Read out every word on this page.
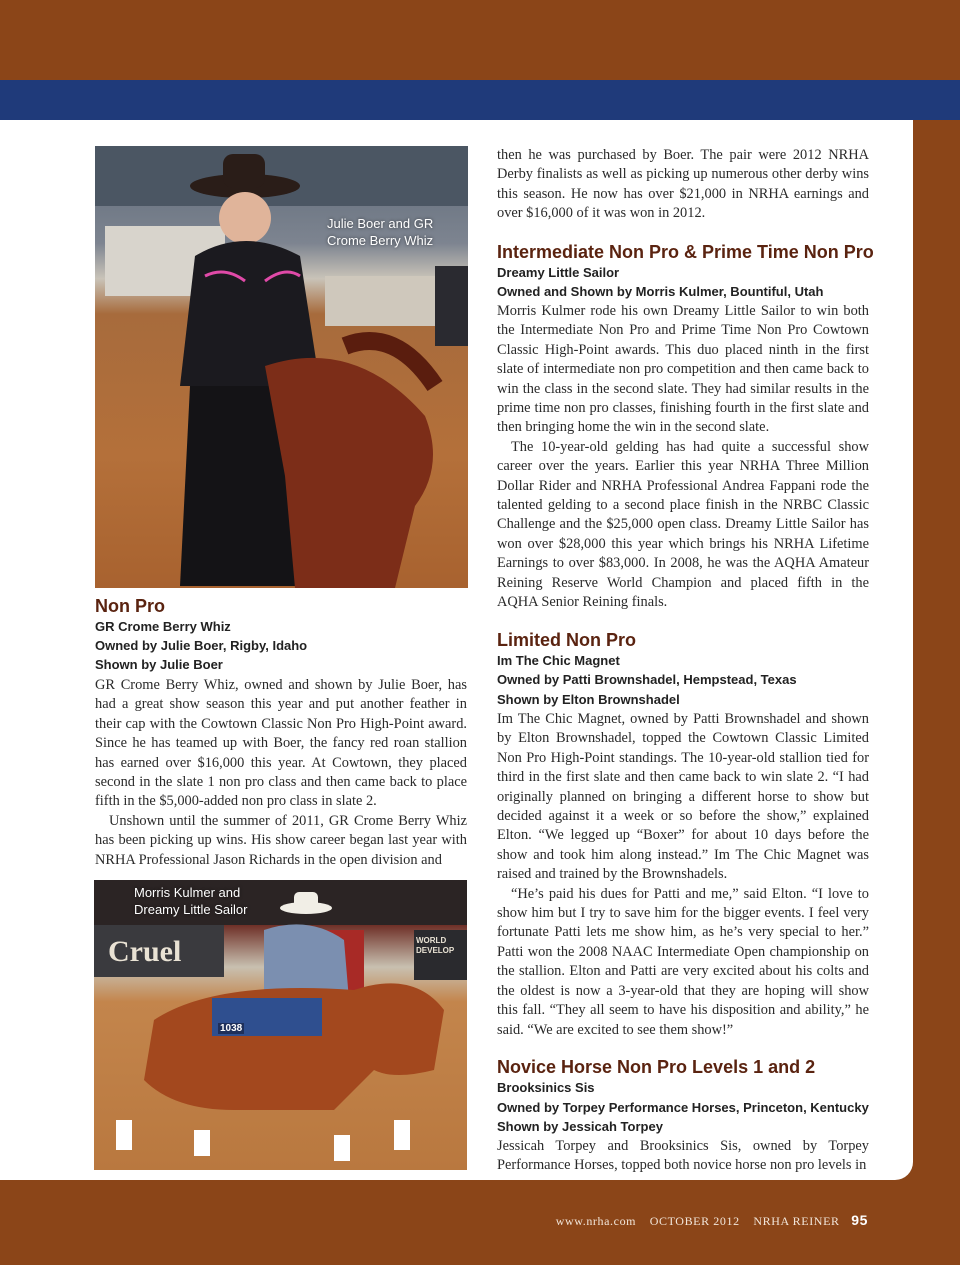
Julie Boer and GR Crome Berry Whiz
Cruel	WORLD DEVELOP
1038
Morris Kulmer and Dreamy Little Sailor
Non Pro
GR Crome Berry Whiz
Owned by Julie Boer, Rigby, Idaho
Shown by Julie Boer

GR Crome Berry Whiz, owned and shown by Julie Boer, has had a great show season this year and put another feather in their cap with the Cowtown Classic Non Pro High-Point award. Since he has teamed up with Boer, the fancy red roan stallion has earned over $16,000 this year. At Cowtown, they placed second in the slate 1 non pro class and then came back to place fifth in the $5,000-added non pro class in slate 2.

Unshown until the summer of 2011, GR Crome Berry Whiz has been picking up wins. His show career began last year with NRHA Professional Jason Richards in the open division and

then he was purchased by Boer. The pair were 2012 NRHA Derby finalists as well as picking up numerous other derby wins this season. He now has over $21,000 in NRHA earnings and over $16,000 of it was won in 2012.

Intermediate Non Pro & Prime Time Non Pro
Dreamy Little Sailor
Owned and Shown by Morris Kulmer, Bountiful, Utah

Morris Kulmer rode his own Dreamy Little Sailor to win both the Intermediate Non Pro and Prime Time Non Pro Cowtown Classic High-Point awards. This duo placed ninth in the first slate of intermediate non pro competition and then came back to win the class in the second slate. They had similar results in the prime time non pro classes, finishing fourth in the first slate and then bringing home the win in the second slate.

The 10-year-old gelding has had quite a successful show career over the years. Earlier this year NRHA Three Million Dollar Rider and NRHA Professional Andrea Fappani rode the talented gelding to a second place finish in the NRBC Classic Challenge and the $25,000 open class. Dreamy Little Sailor has won over $28,000 this year which brings his NRHA Lifetime Earnings to over $83,000. In 2008, he was the AQHA Amateur Reining Reserve World Champion and placed fifth in the AQHA Senior Reining finals.

Limited Non Pro
Im The Chic Magnet
Owned by Patti Brownshadel, Hempstead, Texas
Shown by Elton Brownshadel

Im The Chic Magnet, owned by Patti Brownshadel and shown by Elton Brownshadel, topped the Cowtown Classic Limited Non Pro High-Point standings. The 10-year-old stallion tied for third in the first slate and then came back to win slate 2. “I had originally planned on bringing a different horse to show but decided against it a week or so before the show,” explained Elton. “We legged up “Boxer” for about 10 days before the show and took him along instead.” Im The Chic Magnet was raised and trained by the Brownshadels.

“He’s paid his dues for Patti and me,” said Elton. “I love to show him but I try to save him for the bigger events. I feel very fortunate Patti lets me show him, as he’s very special to her.” Patti won the 2008 NAAC Intermediate Open championship on the stallion. Elton and Patti are very excited about his colts and the oldest is now a 3-year-old that they are hoping will show this fall. “They all seem to have his disposition and ability,” he said. “We are excited to see them show!”

Novice Horse Non Pro Levels 1 and 2
Brooksinics Sis
Owned by Torpey Performance Horses, Princeton, Kentucky
Shown by Jessicah Torpey

Jessicah Torpey and Brooksinics Sis, owned by Torpey Performance Horses, topped both novice horse non pro levels in

www.nrha.com OCTOBER 2012 NRHA REINER 95
